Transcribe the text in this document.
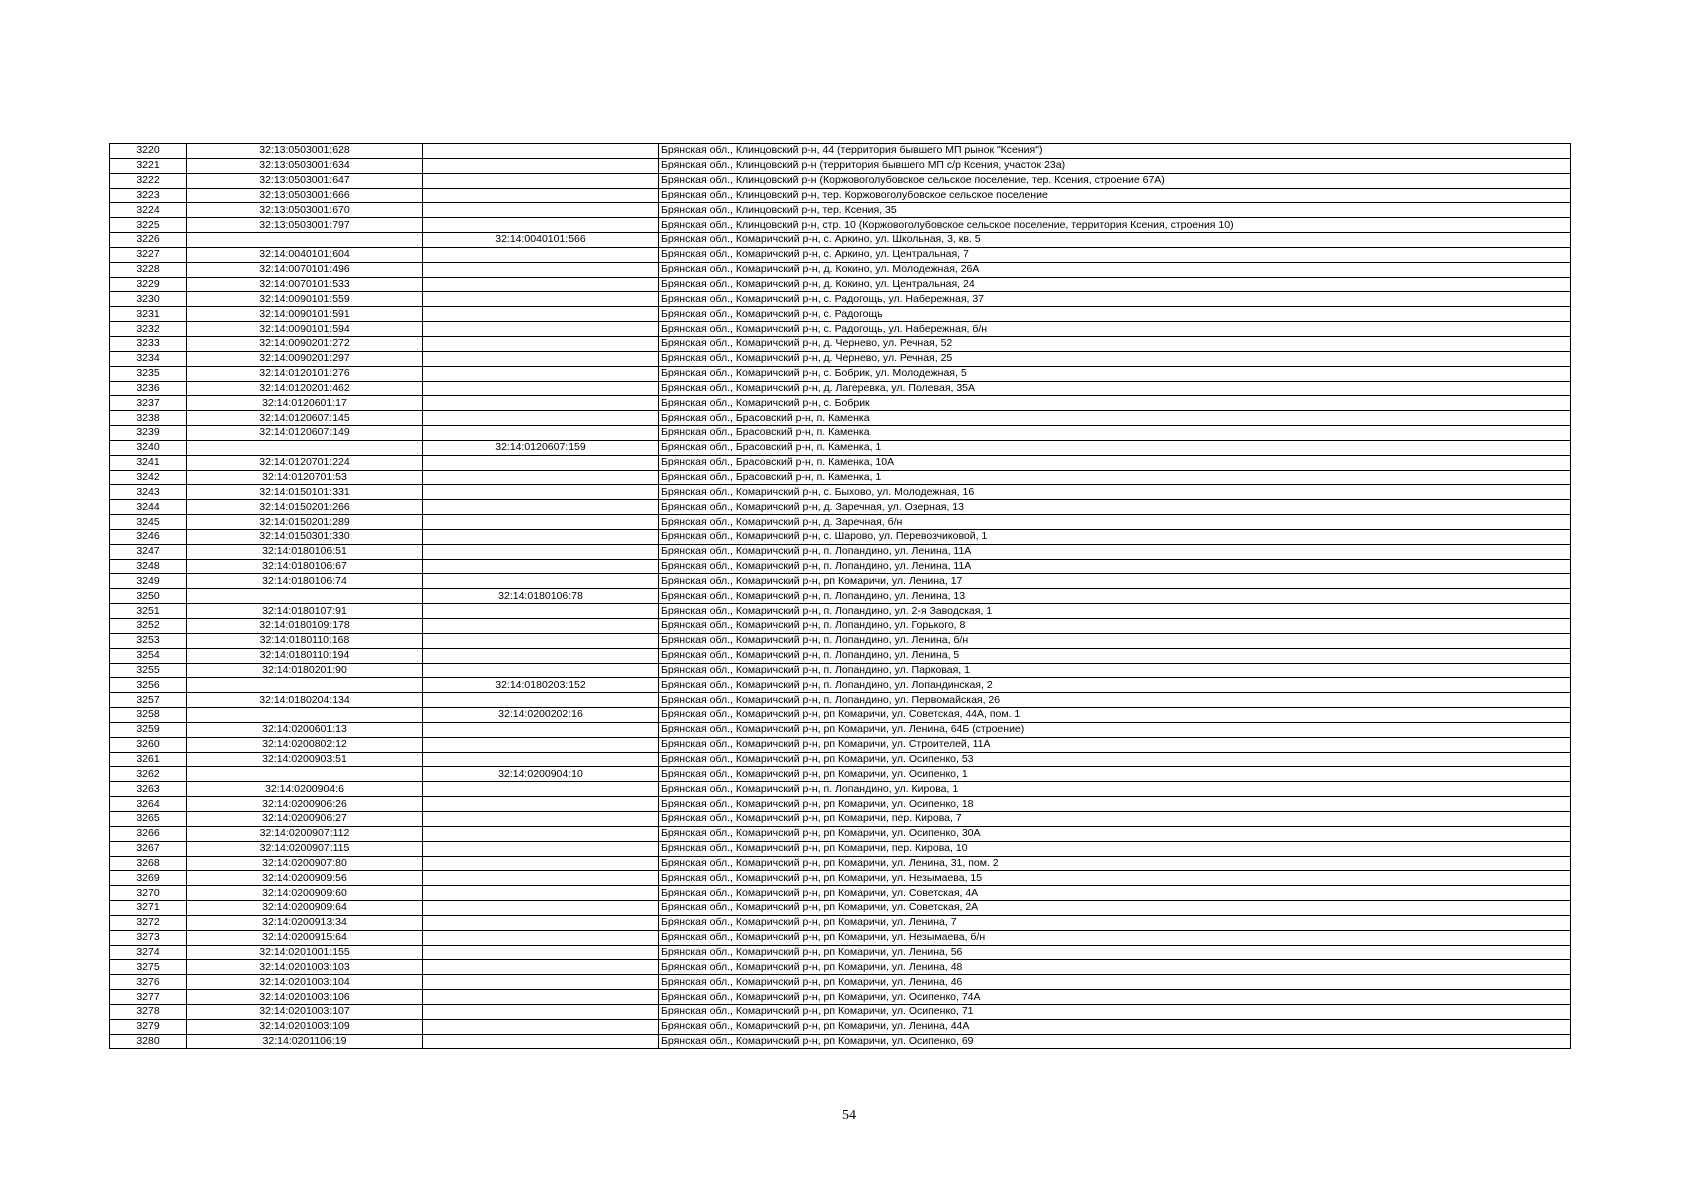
3220	32:13:0503001:628		Брянская обл., Клинцовский р-н, 44 (территория бывшего МП рынок "Ксения")
3221	32:13:0503001:634		Брянская обл., Клинцовский р-н (территория бывшего МП с/р Ксения, участок 23а)
3222	32:13:0503001:647		Брянская обл., Клинцовский р-н (Коржовоголубовское сельское поселение, тер. Ксения, строение 67А)
3223	32:13:0503001:666		Брянская обл., Клинцовский р-н, тер. Коржовоголубовское сельское поселение
3224	32:13:0503001:670		Брянская обл., Клинцовский р-н, тер. Ксения, 35
3225	32:13:0503001:797		Брянская обл., Клинцовский р-н, стр. 10 (Коржовоголубовское сельское поселение, территория Ксения, строения 10)
3226		32:14:0040101:566	Брянская обл., Комаричский р-н, с. Аркино, ул. Школьная, 3, кв. 5
3227	32:14:0040101:604		Брянская обл., Комаричский р-н, с. Аркино, ул. Центральная, 7
3228	32:14:0070101:496		Брянская обл., Комаричский р-н, д. Кокино, ул. Молодежная, 26А
3229	32:14:0070101:533		Брянская обл., Комаричский р-н, д. Кокино, ул. Центральная, 24
3230	32:14:0090101:559		Брянская обл., Комаричский р-н, с. Радогощь, ул. Набережная, 37
3231	32:14:0090101:591		Брянская обл., Комаричский р-н, с. Радогощь
3232	32:14:0090101:594		Брянская обл., Комаричский р-н, с. Радогощь, ул. Набережная, б/н
3233	32:14:0090201:272		Брянская обл., Комаричский р-н, д. Чернево, ул. Речная, 52
3234	32:14:0090201:297		Брянская обл., Комаричский р-н, д. Чернево, ул. Речная, 25
3235	32:14:0120101:276		Брянская обл., Комаричский р-н, с. Бобрик, ул. Молодежная, 5
3236	32:14:0120201:462		Брянская обл., Комаричский р-н, д. Лагеревка, ул. Полевая, 35А
3237	32:14:0120601:17		Брянская обл., Комаричский р-н, с. Бобрик
3238	32:14:0120607:145		Брянская обл., Брасовский р-н, п. Каменка
3239	32:14:0120607:149		Брянская обл., Брасовский р-н, п. Каменка
3240		32:14:0120607:159	Брянская обл., Брасовский р-н, п. Каменка, 1
3241	32:14:0120701:224		Брянская обл., Брасовский р-н, п. Каменка, 10А
3242	32:14:0120701:53		Брянская обл., Брасовский р-н, п. Каменка, 1
3243	32:14:0150101:331		Брянская обл., Комаричский р-н, с. Быхово, ул. Молодежная, 16
3244	32:14:0150201:266		Брянская обл., Комаричский р-н, д. Заречная, ул. Озерная, 13
3245	32:14:0150201:289		Брянская обл., Комаричский р-н, д. Заречная, б/н
3246	32:14:0150301:330		Брянская обл., Комаричский р-н, с. Шарово, ул. Перевозчиковой, 1
3247	32:14:0180106:51		Брянская обл., Комаричский р-н, п. Лопандино, ул. Ленина, 11А
3248	32:14:0180106:67		Брянская обл., Комаричский р-н, п. Лопандино, ул. Ленина, 11А
3249	32:14:0180106:74		Брянская обл., Комаричский р-н, рп Комаричи, ул. Ленина, 17
3250		32:14:0180106:78	Брянская обл., Комаричский р-н, п. Лопандино, ул. Ленина, 13
3251	32:14:0180107:91		Брянская обл., Комаричский р-н, п. Лопандино, ул. 2-я Заводская, 1
3252	32:14:0180109:178		Брянская обл., Комаричский р-н, п. Лопандино, ул. Горького, 8
3253	32:14:0180110:168		Брянская обл., Комаричский р-н, п. Лопандино, ул. Ленина, б/н
3254	32:14:0180110:194		Брянская обл., Комаричский р-н, п. Лопандино, ул. Ленина, 5
3255	32:14:0180201:90		Брянская обл., Комаричский р-н, п. Лопандино, ул. Парковая, 1
3256		32:14:0180203:152	Брянская обл., Комаричский р-н, п. Лопандино, ул. Лопандинская, 2
3257	32:14:0180204:134		Брянская обл., Комаричский р-н, п. Лопандино, ул. Первомайская, 26
3258		32:14:0200202:16	Брянская обл., Комаричский р-н, рп Комаричи, ул. Советская, 44А, пом. 1
3259	32:14:0200601:13		Брянская обл., Комаричский р-н, рп Комаричи, ул. Ленина, 64Б (строение)
3260	32:14:0200802:12		Брянская обл., Комаричский р-н, рп Комаричи, ул. Строителей, 11А
3261	32:14:0200903:51		Брянская обл., Комаричский р-н, рп Комаричи, ул. Осипенко, 53
3262		32:14:0200904:10	Брянская обл., Комаричский р-н, рп Комаричи, ул. Осипенко, 1
3263	32:14:0200904:6		Брянская обл., Комаричский р-н, п. Лопандино, ул. Кирова, 1
3264	32:14:0200906:26		Брянская обл., Комаричский р-н, рп Комаричи, ул. Осипенко, 18
3265	32:14:0200906:27		Брянская обл., Комаричский р-н, рп Комаричи, пер. Кирова, 7
3266	32:14:0200907:112		Брянская обл., Комаричский р-н, рп Комаричи, ул. Осипенко, 30А
3267	32:14:0200907:115		Брянская обл., Комаричский р-н, рп Комаричи, пер. Кирова, 10
3268	32:14:0200907:80		Брянская обл., Комаричский р-н, рп Комаричи, ул. Ленина, 31, пом. 2
3269	32:14:0200909:56		Брянская обл., Комаричский р-н, рп Комаричи, ул. Незымаева, 15
3270	32:14:0200909:60		Брянская обл., Комаричский р-н, рп Комаричи, ул. Советская, 4А
3271	32:14:0200909:64		Брянская обл., Комаричский р-н, рп Комаричи, ул. Советская, 2А
3272	32:14:0200913:34		Брянская обл., Комаричский р-н, рп Комаричи, ул. Ленина, 7
3273	32:14:0200915:64		Брянская обл., Комаричский р-н, рп Комаричи, ул. Незымаева, б/н
3274	32:14:0201001:155		Брянская обл., Комаричский р-н, рп Комаричи, ул. Ленина, 56
3275	32:14:0201003:103		Брянская обл., Комаричский р-н, рп Комаричи, ул. Ленина, 48
3276	32:14:0201003:104		Брянская обл., Комаричский р-н, рп Комаричи, ул. Ленина, 46
3277	32:14:0201003:106		Брянская обл., Комаричский р-н, рп Комаричи, ул. Осипенко, 74А
3278	32:14:0201003:107		Брянская обл., Комаричский р-н, рп Комаричи, ул. Осипенко, 71
3279	32:14:0201003:109		Брянская обл., Комаричский р-н, рп Комаричи, ул. Ленина, 44А
3280	32:14:0201106:19		Брянская обл., Комаричский р-н, рп Комаричи, ул. Осипенко, 69
54
